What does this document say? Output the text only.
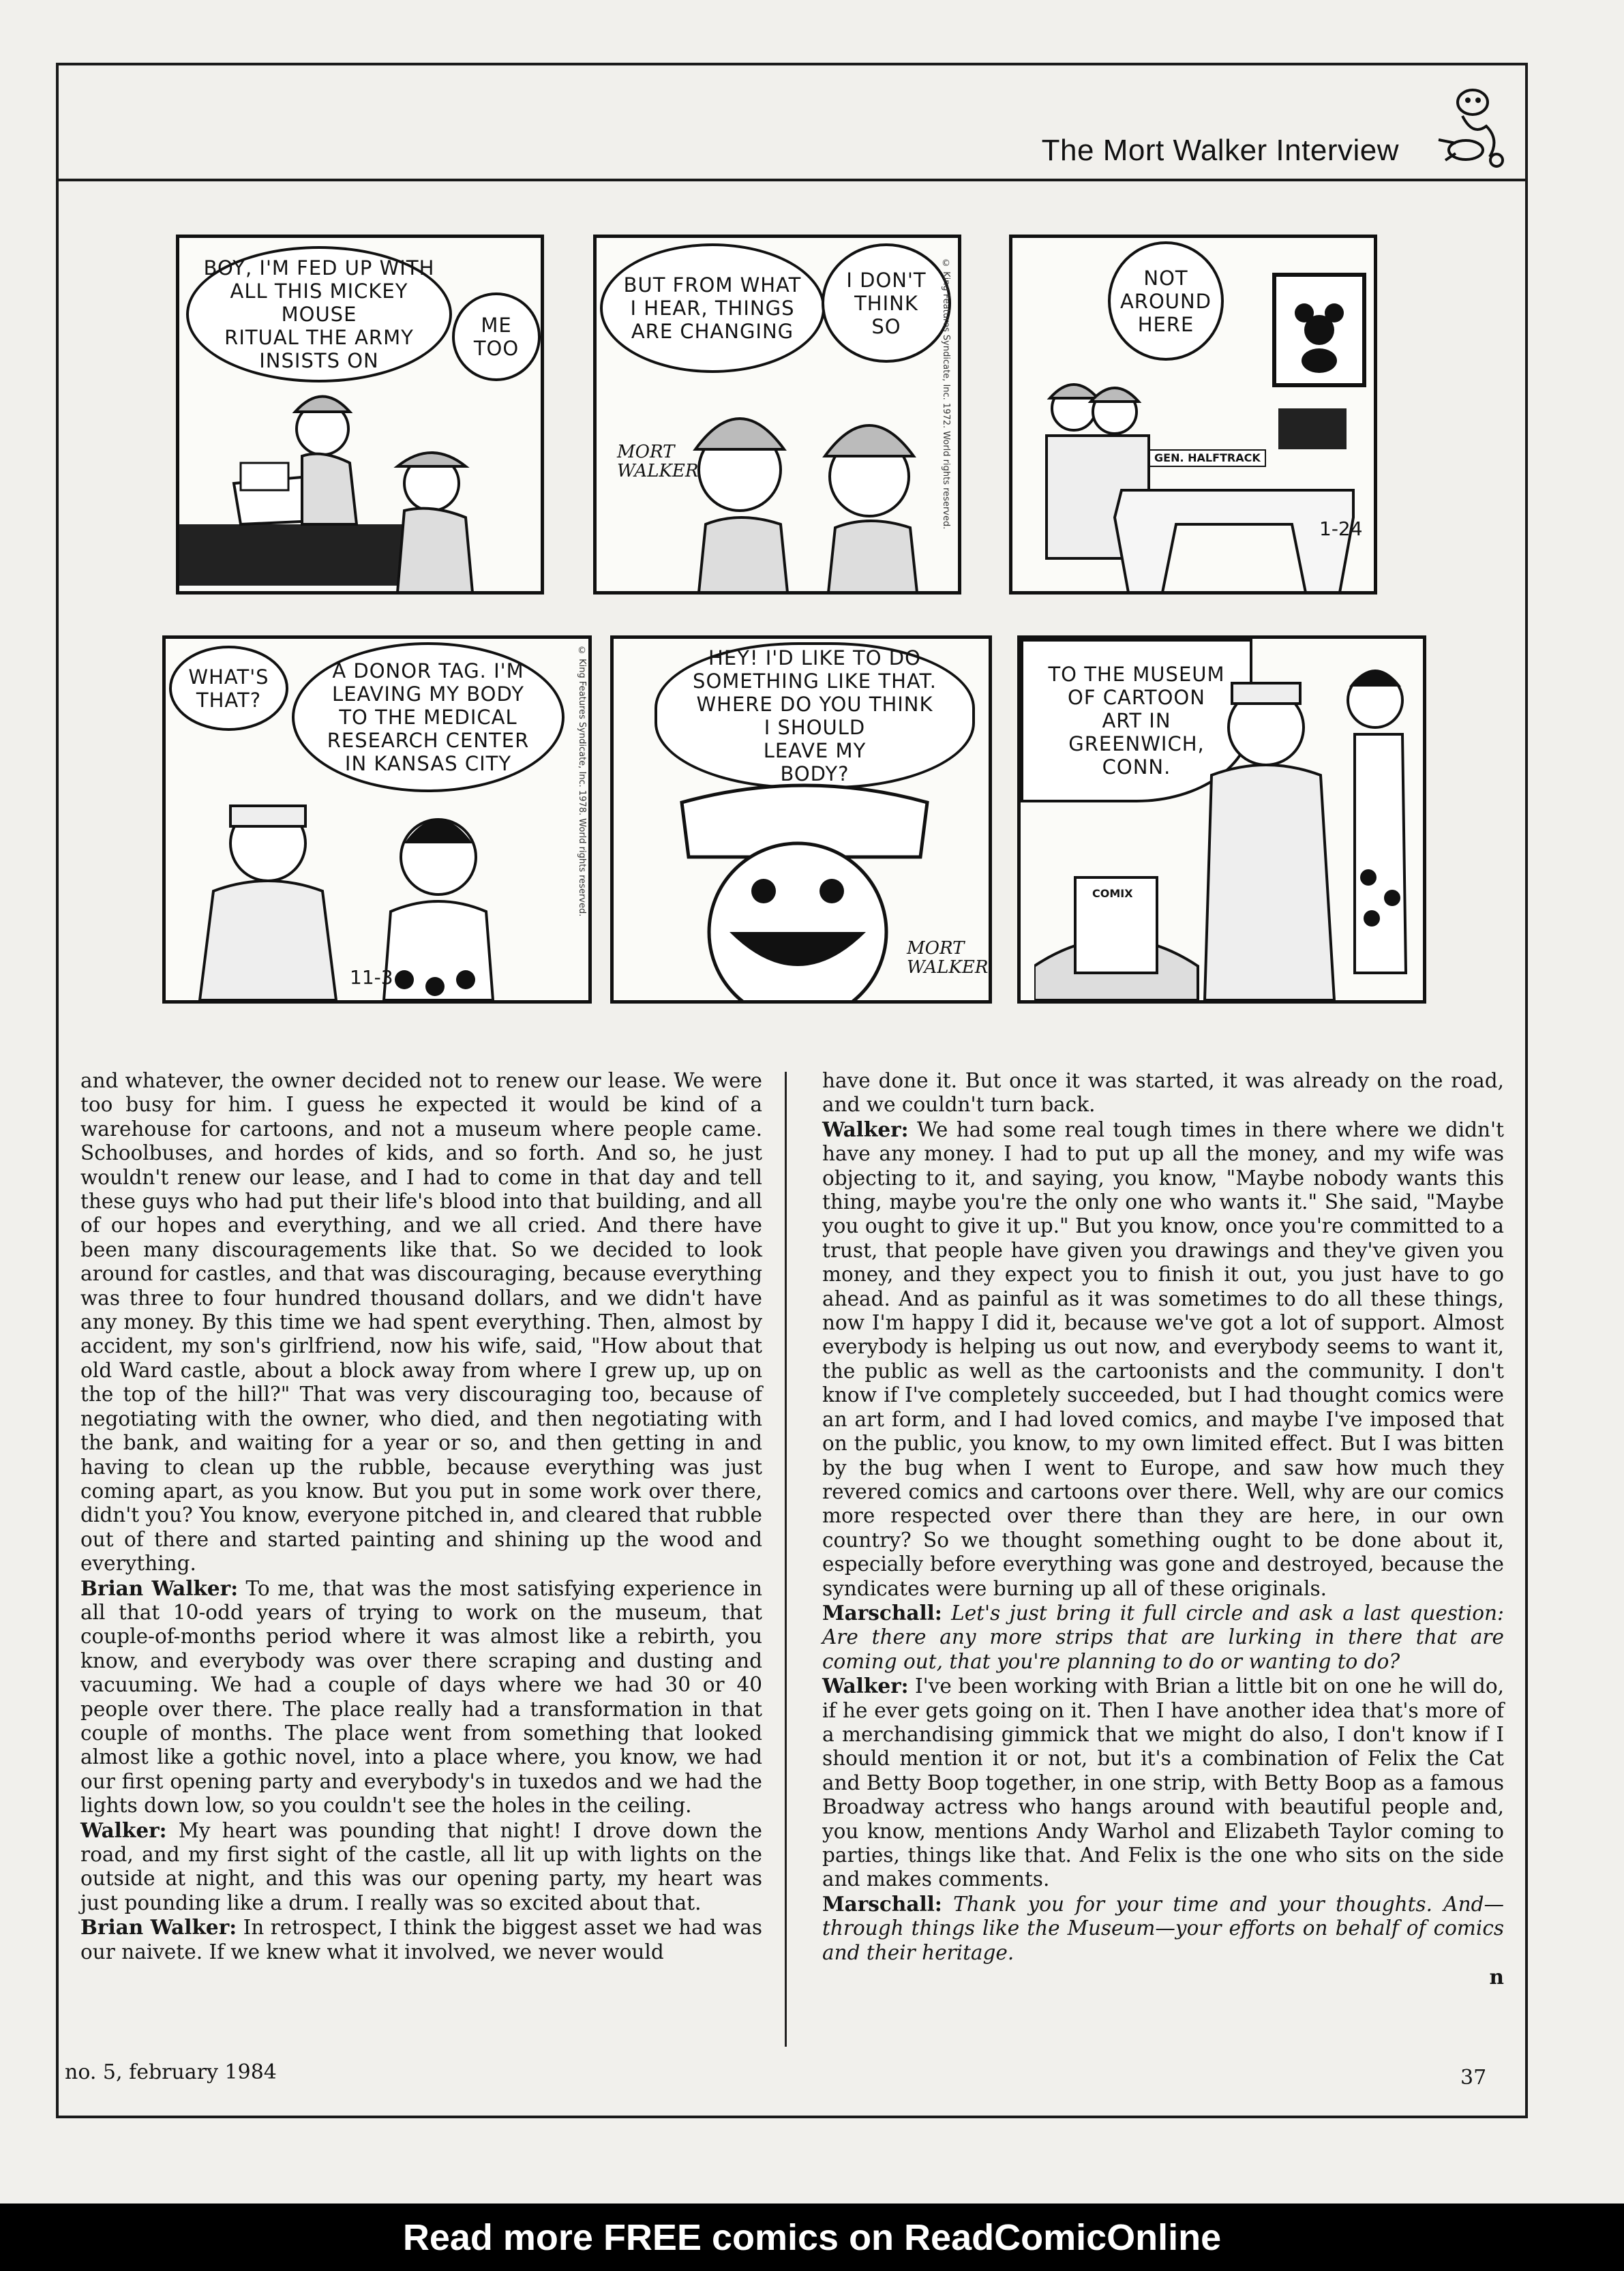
The Mort Walker Interview
BOY, I'M FED UP WITH
ALL THIS MICKEY MOUSE
RITUAL THE ARMY
INSISTS ON
ME
TOO
BUT FROM WHAT
I HEAR, THINGS
ARE CHANGING
I DON'T
THINK
SO
MORT
WALKER	© King Features Syndicate, Inc. 1972. World rights reserved.	NOT
AROUND
HERE
GEN. HALFTRACK
1-24
WHAT'S
THAT?
A DONOR TAG. I'M
LEAVING MY BODY
TO THE MEDICAL
RESEARCH CENTER
IN KANSAS CITY	© King Features Syndicate, Inc. 1978. World rights reserved.
11-3
HEY! I'D LIKE TO DO
SOMETHING LIKE THAT.
WHERE DO YOU THINK
I SHOULD
LEAVE MY
BODY?
MORT
WALKER
TO THE MUSEUM
OF CARTOON
ART IN
GREENWICH,
CONN.
COMIX

and whatever, the owner decided not to renew our lease. We were too busy for him. I guess he expected it would be kind of a warehouse for cartoons, and not a museum where people came. Schoolbuses, and hordes of kids, and so forth. And so, he just wouldn't renew our lease, and I had to come in that day and tell these guys who had put their life's blood into that building, and all of our hopes and everything, and we all cried. And there have been many discouragements like that. So we decided to look around for castles, and that was discouraging, because everything was three to four hundred thousand dollars, and we didn't have any money. By this time we had spent everything. Then, almost by accident, my son's girlfriend, now his wife, said, "How about that old Ward castle, about a block away from where I grew up, up on the top of the hill?" That was very discouraging too, because of negotiating with the owner, who died, and then negotiating with the bank, and waiting for a year or so, and then getting in and having to clean up the rubble, because everything was just coming apart, as you know. But you put in some work over there, didn't you? You know, everyone pitched in, and cleared that rubble out of there and started painting and shining up the wood and everything.

Brian Walker: To me, that was the most satisfying experience in all that 10-odd years of trying to work on the museum, that couple-of-months period where it was almost like a rebirth, you know, and everybody was over there scraping and dusting and vacuuming. We had a couple of days where we had 30 or 40 people over there. The place really had a transformation in that couple of months. The place went from something that looked almost like a gothic novel, into a place where, you know, we had our first opening party and everybody's in tuxedos and we had the lights down low, so you couldn't see the holes in the ceiling.

Walker: My heart was pounding that night! I drove down the road, and my first sight of the castle, all lit up with lights on the outside at night, and this was our opening party, my heart was just pounding like a drum. I really was so excited about that.

Brian Walker: In retrospect, I think the biggest asset we had was our naivete. If we knew what it involved, we never would

have done it. But once it was started, it was already on the road, and we couldn't turn back.

Walker: We had some real tough times in there where we didn't have any money. I had to put up all the money, and my wife was objecting to it, and saying, you know, "Maybe nobody wants this thing, maybe you're the only one who wants it." She said, "Maybe you ought to give it up." But you know, once you're committed to a trust, that people have given you drawings and they've given you money, and they expect you to finish it out, you just have to go ahead. And as painful as it was sometimes to do all these things, now I'm happy I did it, because we've got a lot of support. Almost everybody is helping us out now, and everybody seems to want it, the public as well as the cartoonists and the community. I don't know if I've completely succeeded, but I had thought comics were an art form, and I had loved comics, and maybe I've imposed that on the public, you know, to my own limited effect. But I was bitten by the bug when I went to Europe, and saw how much they revered comics and cartoons over there. Well, why are our comics more respected over there than they are here, in our own country? So we thought something ought to be done about it, especially before everything was gone and destroyed, because the syndicates were burning up all of these originals.

Marschall: Let's just bring it full circle and ask a last question: Are there any more strips that are lurking in there that are coming out, that you're planning to do or wanting to do?

Walker: I've been working with Brian a little bit on one he will do, if he ever gets going on it. Then I have another idea that's more of a merchandising gimmick that we might do also, I don't know if I should mention it or not, but it's a combination of Felix the Cat and Betty Boop together, in one strip, with Betty Boop as a famous Broadway actress who hangs around with beautiful people and, you know, mentions Andy Warhol and Elizabeth Taylor coming to parties, things like that. And Felix is the one who sits on the side and makes comments.

Marschall: Thank you for your time and your thoughts. And—through things like the Museum—your efforts on behalf of comics and their heritage.

n

no. 5, february 1984	37
Read more FREE comics on ReadComicOnline
